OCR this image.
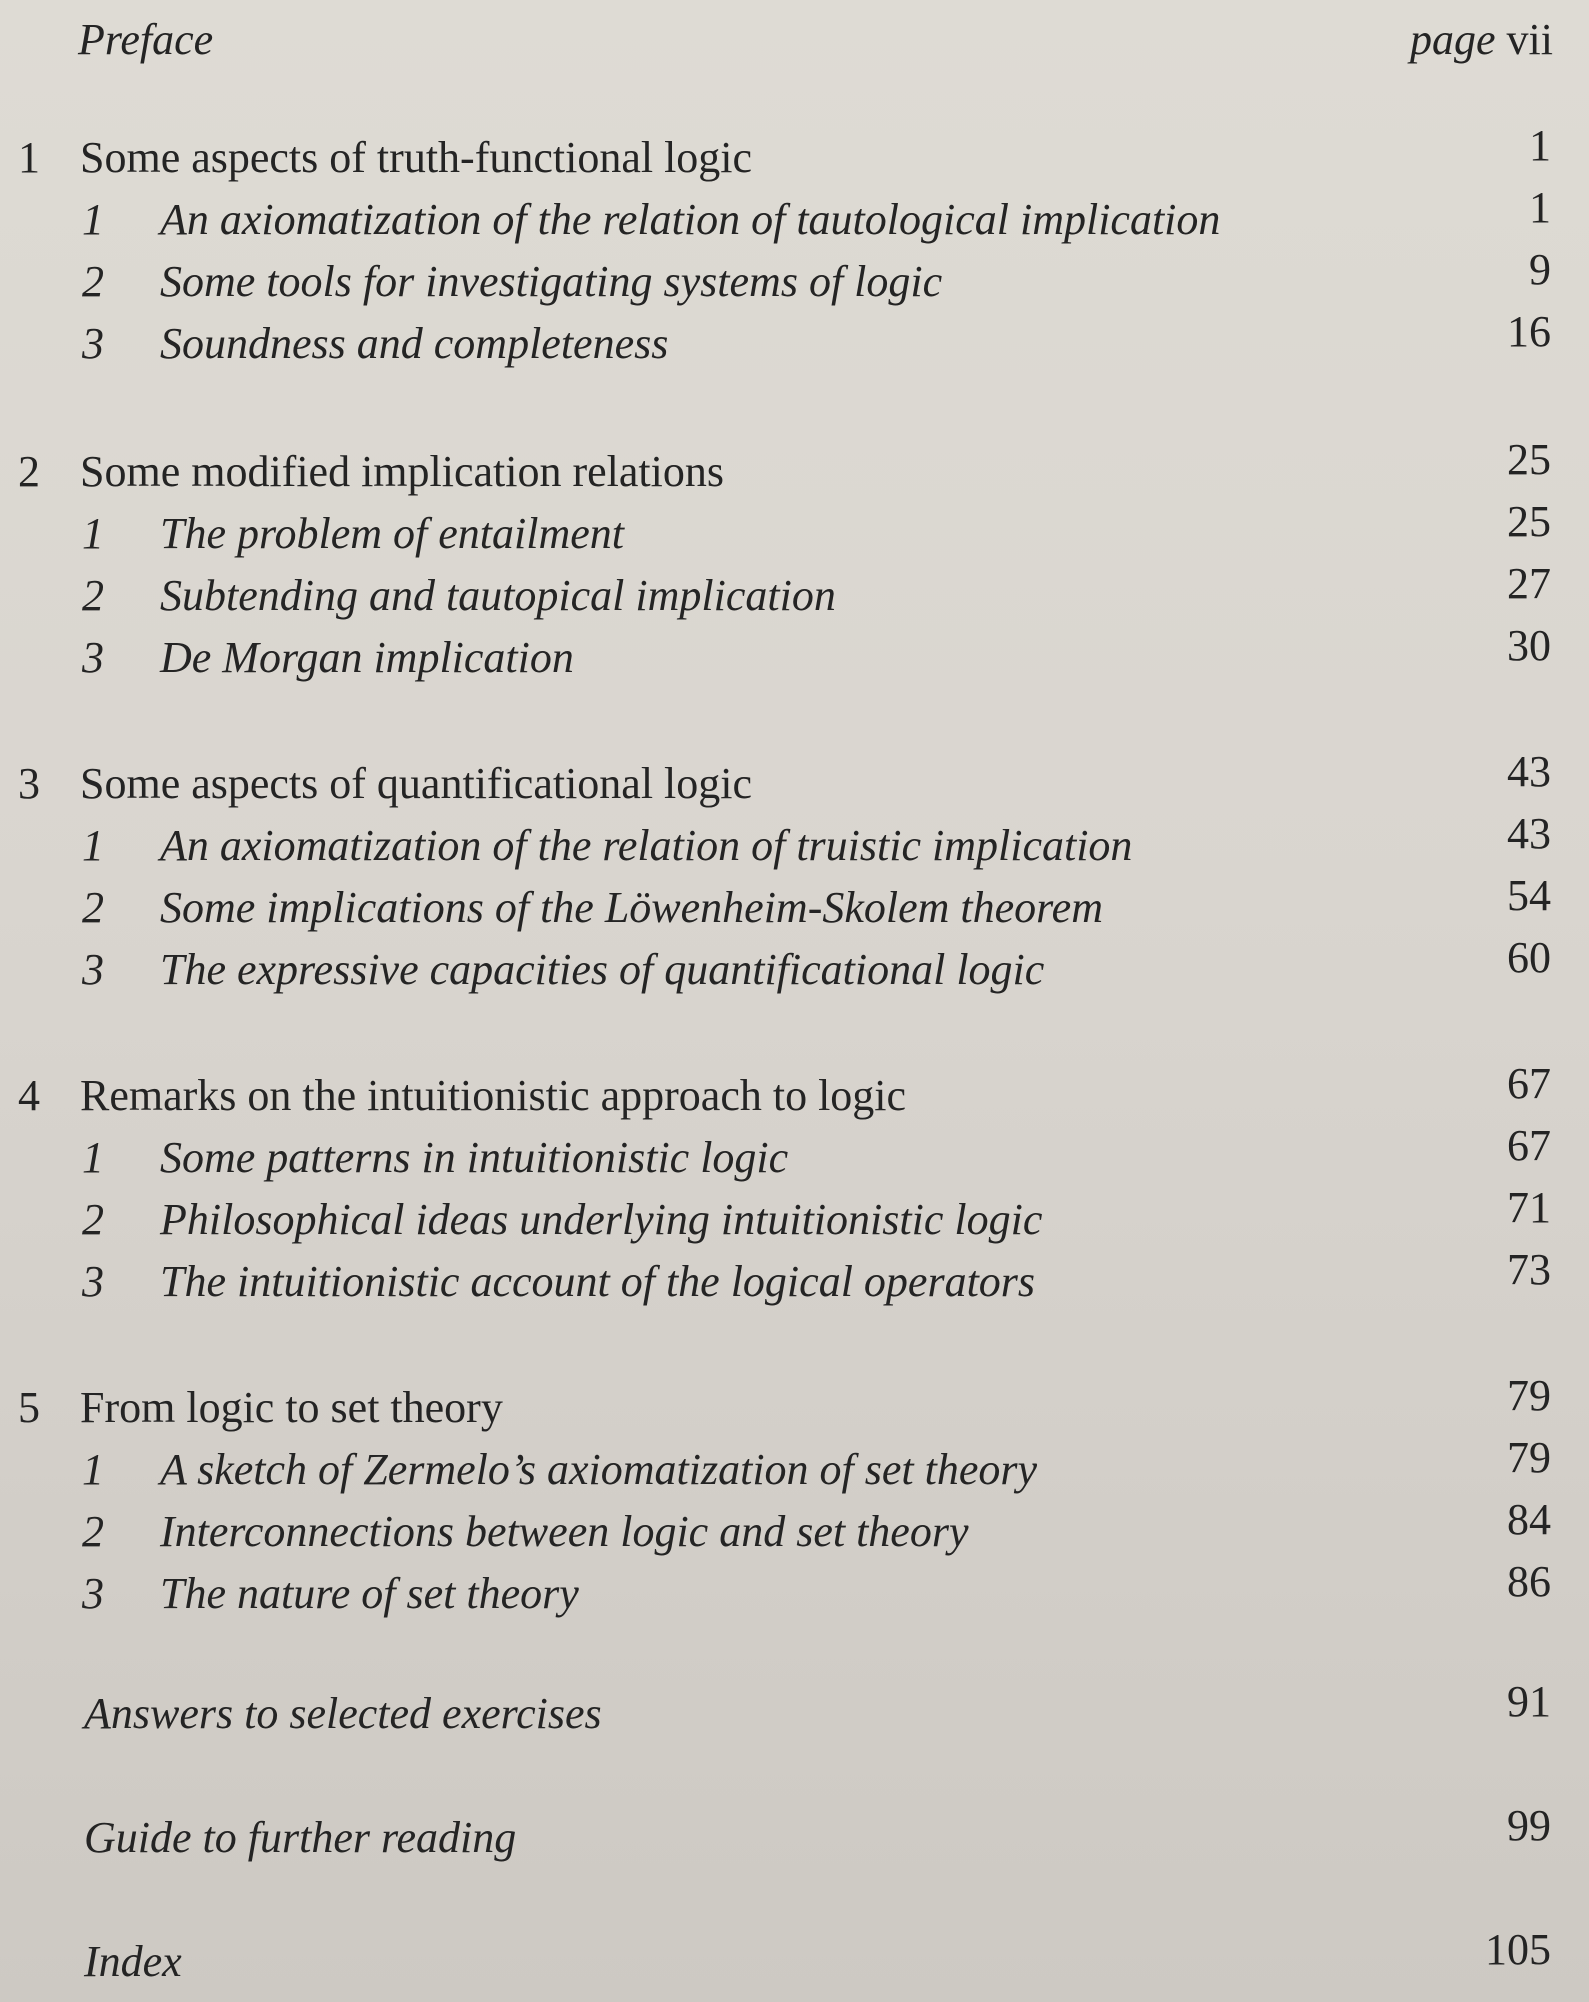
Preface	page vii
1 Some aspects of truth-functional logic	1
1 An axiomatization of the relation of tautological implication	1
2 Some tools for investigating systems of logic	9
3 Soundness and completeness	16
2 Some modified implication relations	25
1 The problem of entailment	25
2 Subtending and tautopical implication	27
3 De Morgan implication	30
3 Some aspects of quantificational logic	43
1 An axiomatization of the relation of truistic implication	43
2 Some implications of the Löwenheim-Skolem theorem	54
3 The expressive capacities of quantificational logic	60
4 Remarks on the intuitionistic approach to logic	67
1 Some patterns in intuitionistic logic	67
2 Philosophical ideas underlying intuitionistic logic	71
3 The intuitionistic account of the logical operators	73
5 From logic to set theory	79
1 A sketch of Zermelo’s axiomatization of set theory	79
2 Interconnections between logic and set theory	84
3 The nature of set theory	86
Answers to selected exercises	91
Guide to further reading	99
Index	105
